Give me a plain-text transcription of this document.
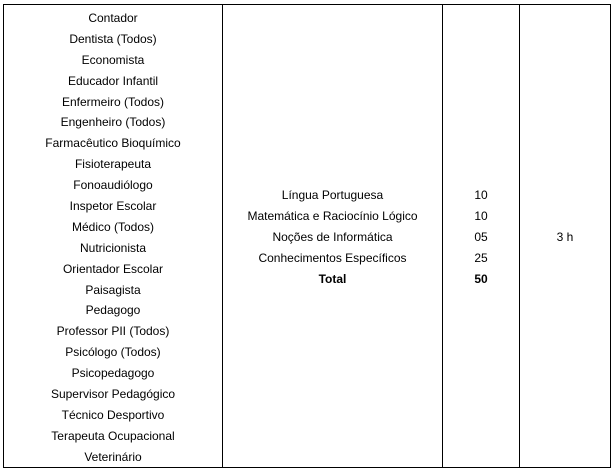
Contador
Dentista (Todos)
Economista
Educador Infantil
Enfermeiro (Todos)
Engenheiro (Todos)
Farmacêutico Bioquímico
Fisioterapeuta
Fonoaudiólogo
Inspetor Escolar
Médico (Todos)
Nutricionista
Orientador Escolar
Paisagista
Pedagogo
Professor PII (Todos)
Psicólogo (Todos)
Psicopedagogo
Supervisor Pedagógico
Técnico Desportivo
Terapeuta Ocupacional
Veterinário
Língua Portuguesa
Matemática e Raciocínio Lógico
Noções de Informática
Conhecimentos Específicos
Total
10
10
05
25
50
3 h
